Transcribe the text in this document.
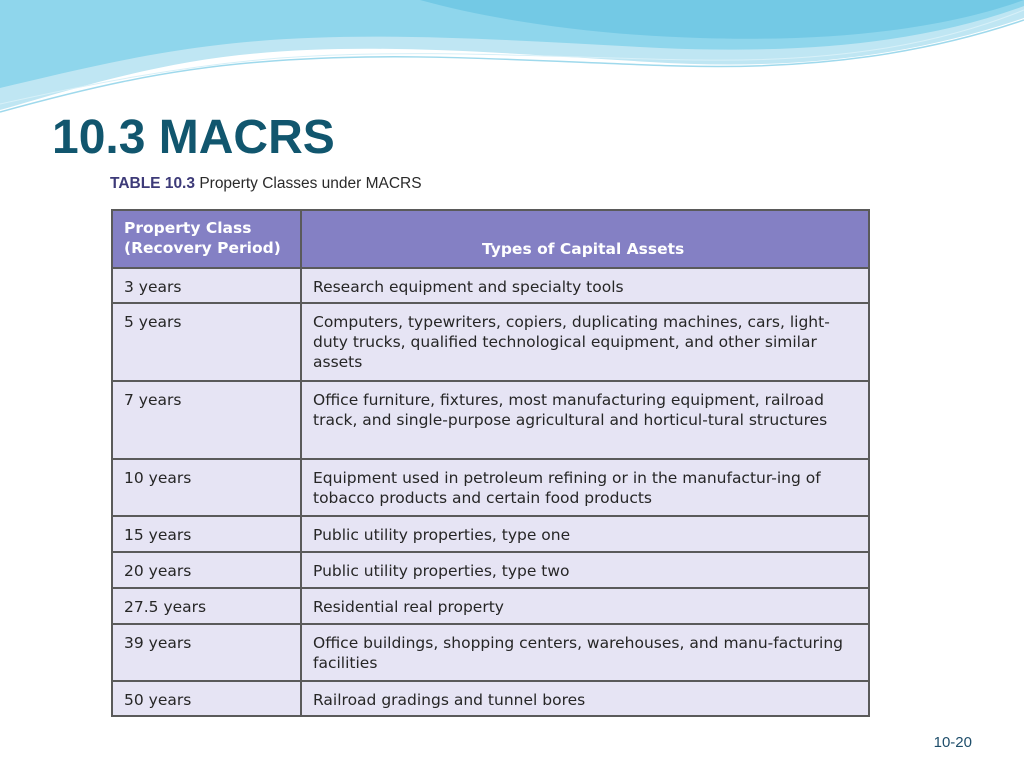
10.3 MACRS
TABLE 10.3 Property Classes under MACRS
Property Class
(Recovery Period)	Types of Capital Assets
3 years	Research equipment and specialty tools
5 years	Computers, typewriters, copiers, duplicating machines, cars, light-duty trucks, qualified technological equipment, and other similar assets
7 years	Office furniture, fixtures, most manufacturing equipment, railroad track, and single-purpose agricultural and horticul-tural structures
10 years	Equipment used in petroleum refining or in the manufactur-ing of tobacco products and certain food products
15 years	Public utility properties, type one
20 years	Public utility properties, type two
27.5 years	Residential real property
39 years	Office buildings, shopping centers, warehouses, and manu-facturing facilities
50 years	Railroad gradings and tunnel bores
10-20
